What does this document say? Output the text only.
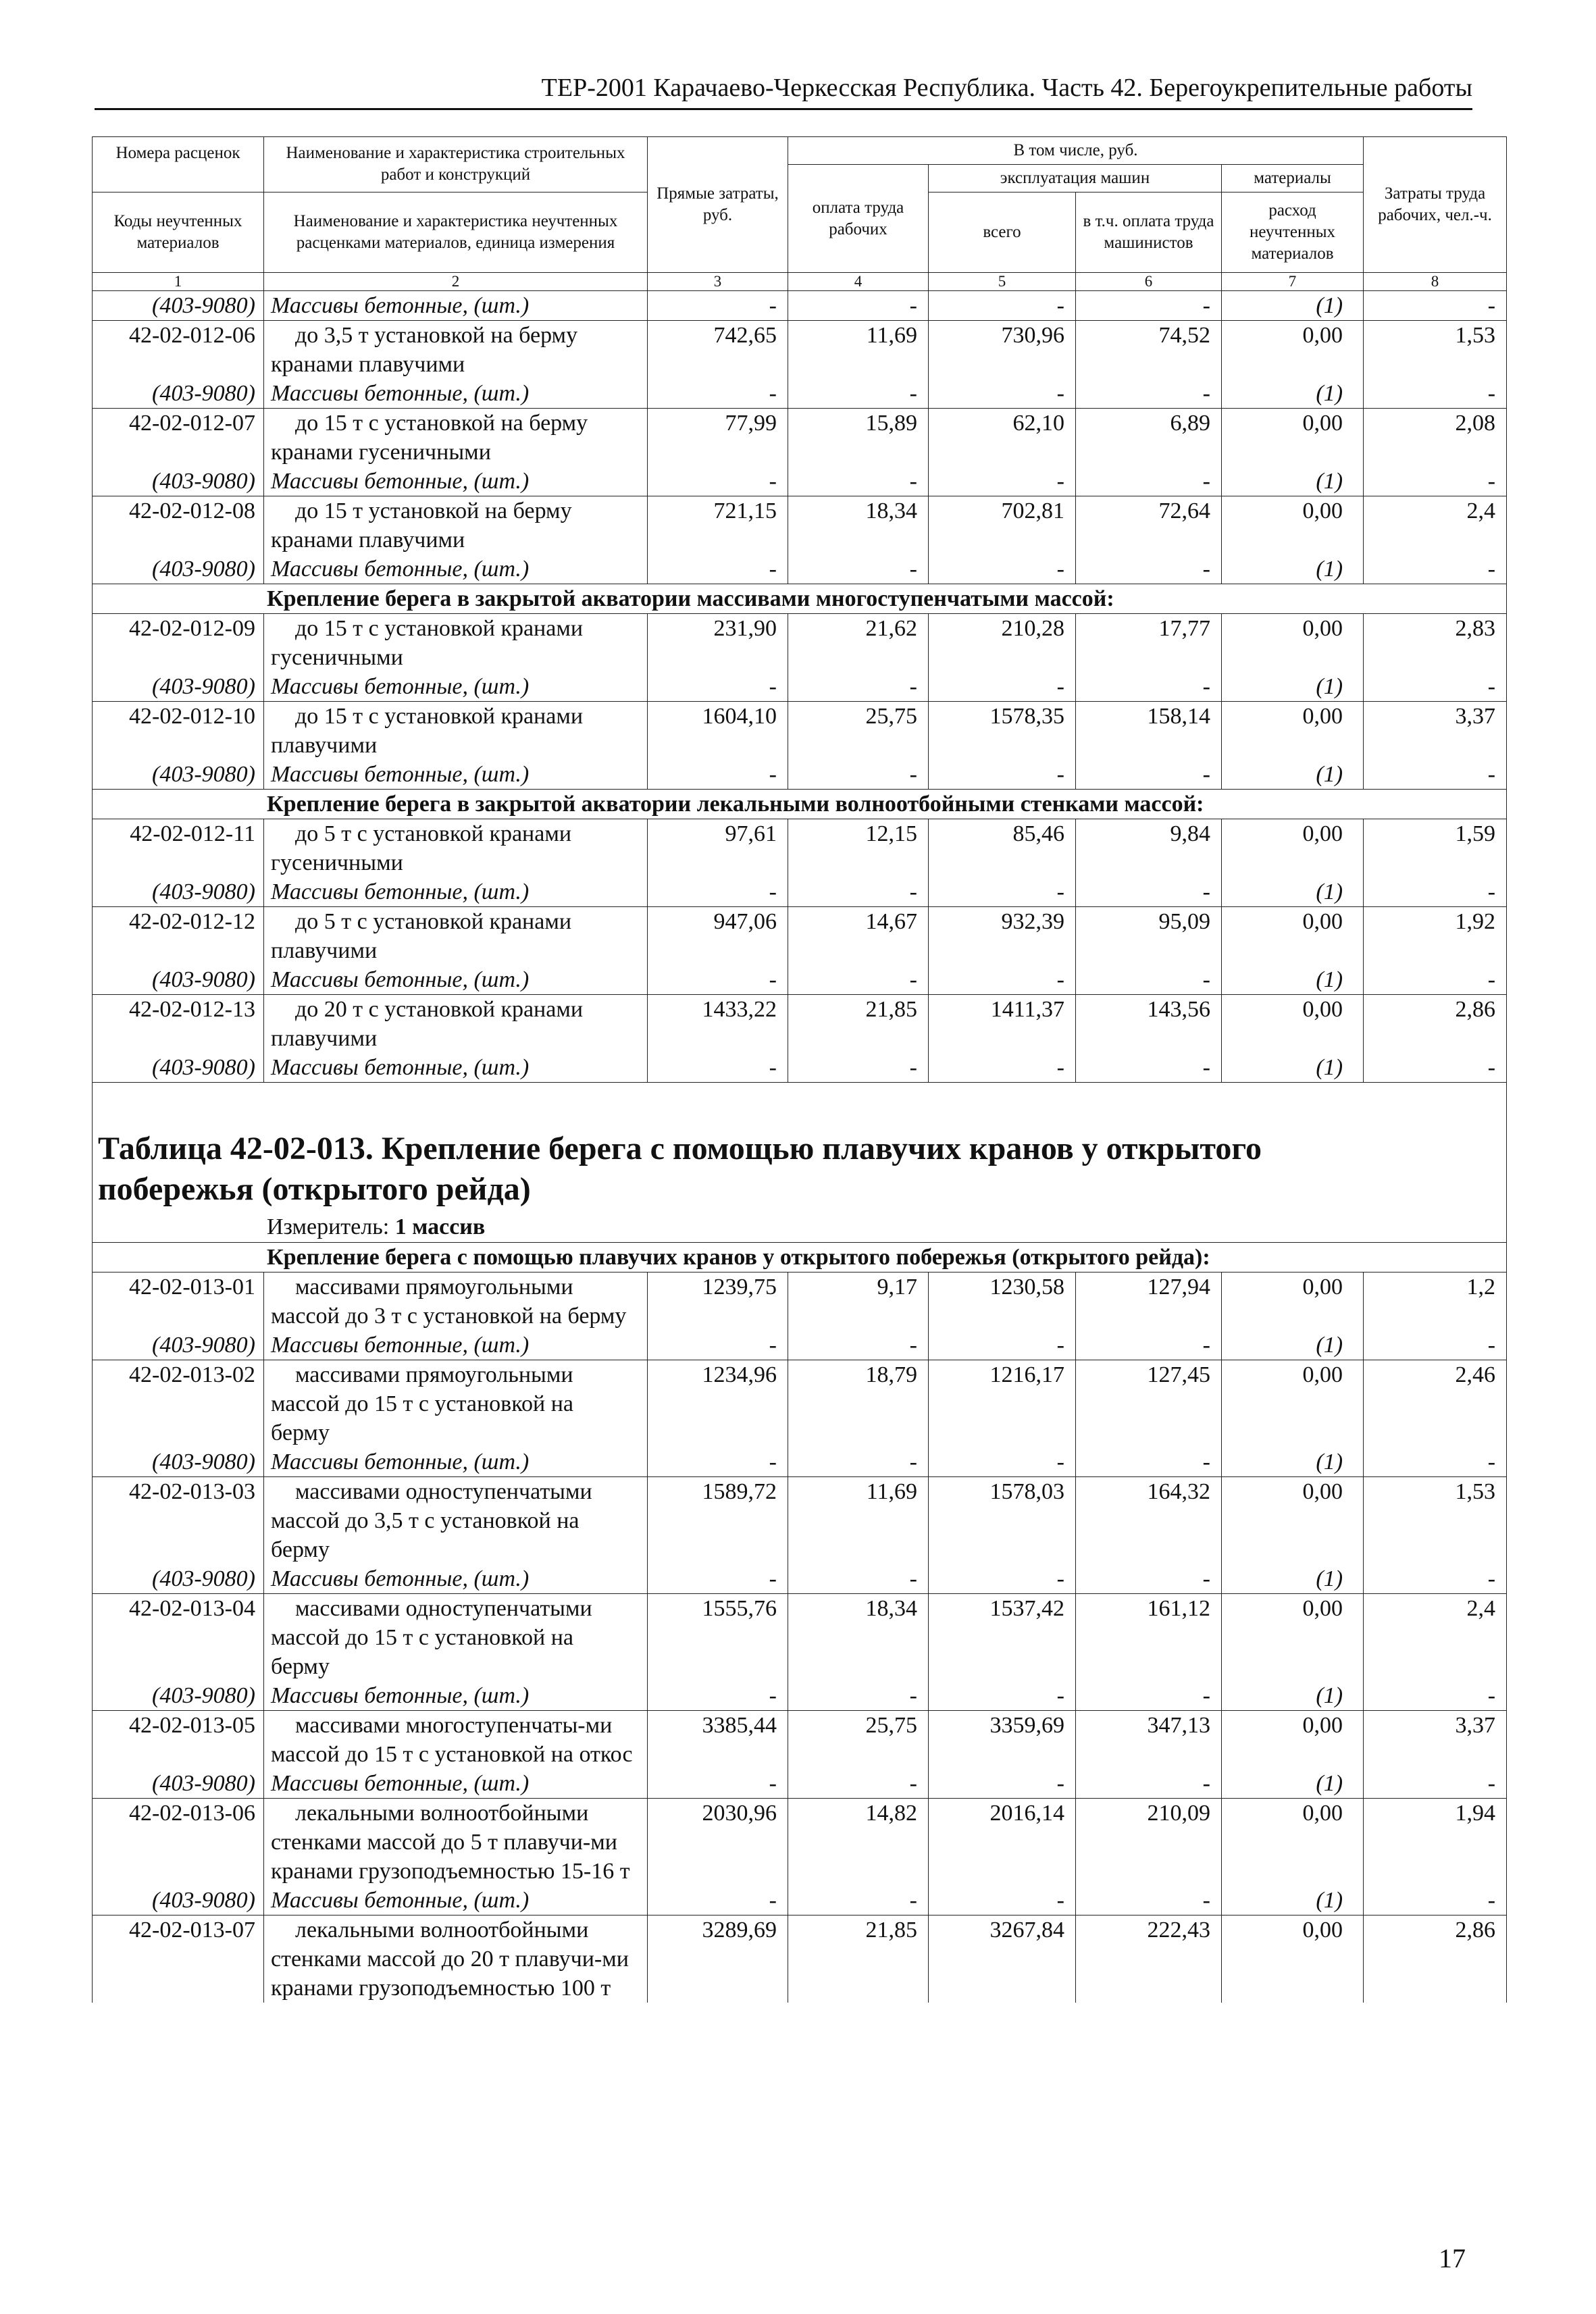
ТЕР-2001 Карачаево-Черкесская Республика. Часть 42. Берегоукрепительные работы
Номера расценок	Наименование и характеристика строительных работ и конструкций	Прямые затраты, руб.	В том числе, руб.				Затраты труда рабочих, чел.-ч.
			оплата труда рабочих	эксплуатация машин		материалы	
Коды неучтенных материалов	Наименование и характеристика неучтенных расценками материалов, единица измерения			всего	в т.ч. оплата труда машинистов	расход неучтенных материалов	
1	2	3	4	5	6	7	8
(403-9080)	Массивы бетонные, (шт.)	-	-	-	-	(1)	-
42-02-012-06	до 3,5 т установкой на берму кранами плавучими	742,65	11,69	730,96	74,52	0,00	1,53
(403-9080)	Массивы бетонные, (шт.)	-	-	-	-	(1)	-
42-02-012-07	до 15 т с установкой на берму кранами гусеничными	77,99	15,89	62,10	6,89	0,00	2,08
(403-9080)	Массивы бетонные, (шт.)	-	-	-	-	(1)	-
42-02-012-08	до 15 т установкой на берму кранами плавучими	721,15	18,34	702,81	72,64	0,00	2,4
(403-9080)	Массивы бетонные, (шт.)	-	-	-	-	(1)	-
Крепление берега в закрытой акватории массивами многоступенчатыми массой:							
42-02-012-09	до 15 т с установкой кранами гусеничными	231,90	21,62	210,28	17,77	0,00	2,83
(403-9080)	Массивы бетонные, (шт.)	-	-	-	-	(1)	-
42-02-012-10	до 15 т с установкой кранами плавучими	1604,10	25,75	1578,35	158,14	0,00	3,37
(403-9080)	Массивы бетонные, (шт.)	-	-	-	-	(1)	-
Крепление берега в закрытой акватории лекальными волноотбойными стенками массой:							
42-02-012-11	до 5 т с установкой кранами гусеничными	97,61	12,15	85,46	9,84	0,00	1,59
(403-9080)	Массивы бетонные, (шт.)	-	-	-	-	(1)	-
42-02-012-12	до 5 т с установкой кранами плавучими	947,06	14,67	932,39	95,09	0,00	1,92
(403-9080)	Массивы бетонные, (шт.)	-	-	-	-	(1)	-
42-02-012-13	до 20 т с установкой кранами плавучими	1433,22	21,85	1411,37	143,56	0,00	2,86
(403-9080)	Массивы бетонные, (шт.)	-	-	-	-	(1)	-

Таблица 42-02-013. Крепление берега с помощью плавучих кранов у открытого побережья (открытого рейда)							

Измеритель: 1 массив							
Крепление берега с помощью плавучих кранов у открытого побережья (открытого рейда):							
42-02-013-01	массивами прямоугольными массой до 3 т с установкой на берму	1239,75	9,17	1230,58	127,94	0,00	1,2
(403-9080)	Массивы бетонные, (шт.)	-	-	-	-	(1)	-
42-02-013-02	массивами прямоугольными массой до 15 т с установкой на берму	1234,96	18,79	1216,17	127,45	0,00	2,46
(403-9080)	Массивы бетонные, (шт.)	-	-	-	-	(1)	-
42-02-013-03	массивами одноступенчатыми массой до 3,5 т с установкой на берму	1589,72	11,69	1578,03	164,32	0,00	1,53
(403-9080)	Массивы бетонные, (шт.)	-	-	-	-	(1)	-
42-02-013-04	массивами одноступенчатыми массой до 15 т с установкой на берму	1555,76	18,34	1537,42	161,12	0,00	2,4
(403-9080)	Массивы бетонные, (шт.)	-	-	-	-	(1)	-
42-02-013-05	массивами многоступенчаты-ми массой до 15 т с установкой на откос	3385,44	25,75	3359,69	347,13	0,00	3,37
(403-9080)	Массивы бетонные, (шт.)	-	-	-	-	(1)	-
42-02-013-06	лекальными волноотбойными стенками массой до 5 т плавучи-ми кранами грузоподъемностью 15-16 т	2030,96	14,82	2016,14	210,09	0,00	1,94
(403-9080)	Массивы бетонные, (шт.)	-	-	-	-	(1)	-
42-02-013-07	лекальными волноотбойными стенками массой до 20 т плавучи-ми кранами грузоподъемностью 100 т	3289,69	21,85	3267,84	222,43	0,00	2,86
17
